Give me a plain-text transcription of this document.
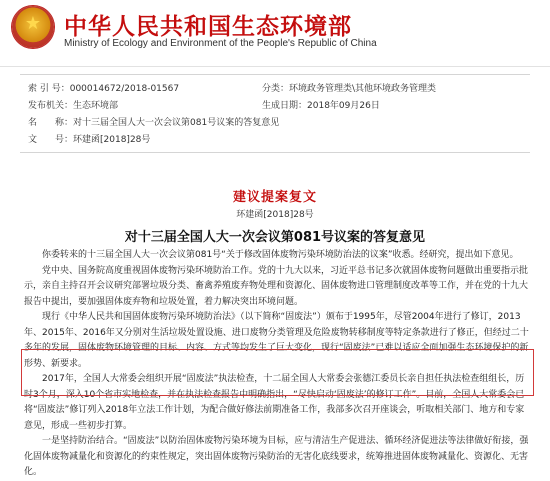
★
中华人民共和国生态环境部
Ministry of Ecology and Environment of the People's Republic of China
索 引 号：000014672/2018-01567	分类：环境政务管理类\其他环境政务管理类
发布机关：生态环境部	生成日期：2018年09月26日
名　　称：对十三届全国人大一次会议第081号议案的答复意见
文　　号：环建函[2018]28号
建议提案复文
环建函[2018]28号
对十三届全国人大一次会议第081号议案的答复意见

你委转来的十三届全国人大一次会议第081号“关于修改固体废物污染环境防治法的议案”收悉。经研究，提出如下意见。

党中央、国务院高度重视固体废物污染环境防治工作。党的十九大以来，习近平总书记多次就固体废物问题做出重要指示批示，亲自主持召开会议研究部署垃圾分类、畜禽养殖废弃物处理和资源化、固体废物进口管理制度改革等工作，并在党的十九大报告中提出，要加强固体废弃物和垃圾处置，着力解决突出环境问题。

现行《中华人民共和国固体废物污染环境防治法》（以下简称“固废法”）颁布于1995年，尽管2004年进行了修订，2013年、2015年、2016年又分别对生活垃圾处置设施、进口废物分类管理及危险废物转移制度等特定条款进行了修正，但经过二十多年的发展，固体废物环境管理的目标、内容、方式等均发生了巨大变化，现行“固废法”已难以适应全面加强生态环境保护的新形势、新要求。

2017年，全国人大常委会组织开展“固废法”执法检查，十二届全国人大常委会张德江委员长亲自担任执法检查组组长，历时3个月，深入10个省市实地检查，并在执法检查报告中明确指出，“尽快启动‘固废法’的修订工作”。目前，全国人大常委会已将“固废法”修订列入2018年立法工作计划，为配合做好修法前期准备工作，我部多次召开座谈会，听取相关部门、地方和专家意见，形成一些初步打算。

一是坚持防治结合。“固废法”以防治固体废物污染环境为目标，应与清洁生产促进法、循环经济促进法等法律做好衔接，强化固体废物减量化和资源化的约束性规定，突出固体废物污染防治的无害化底线要求，统筹推进固体废物减量化、资源化、无害化。
